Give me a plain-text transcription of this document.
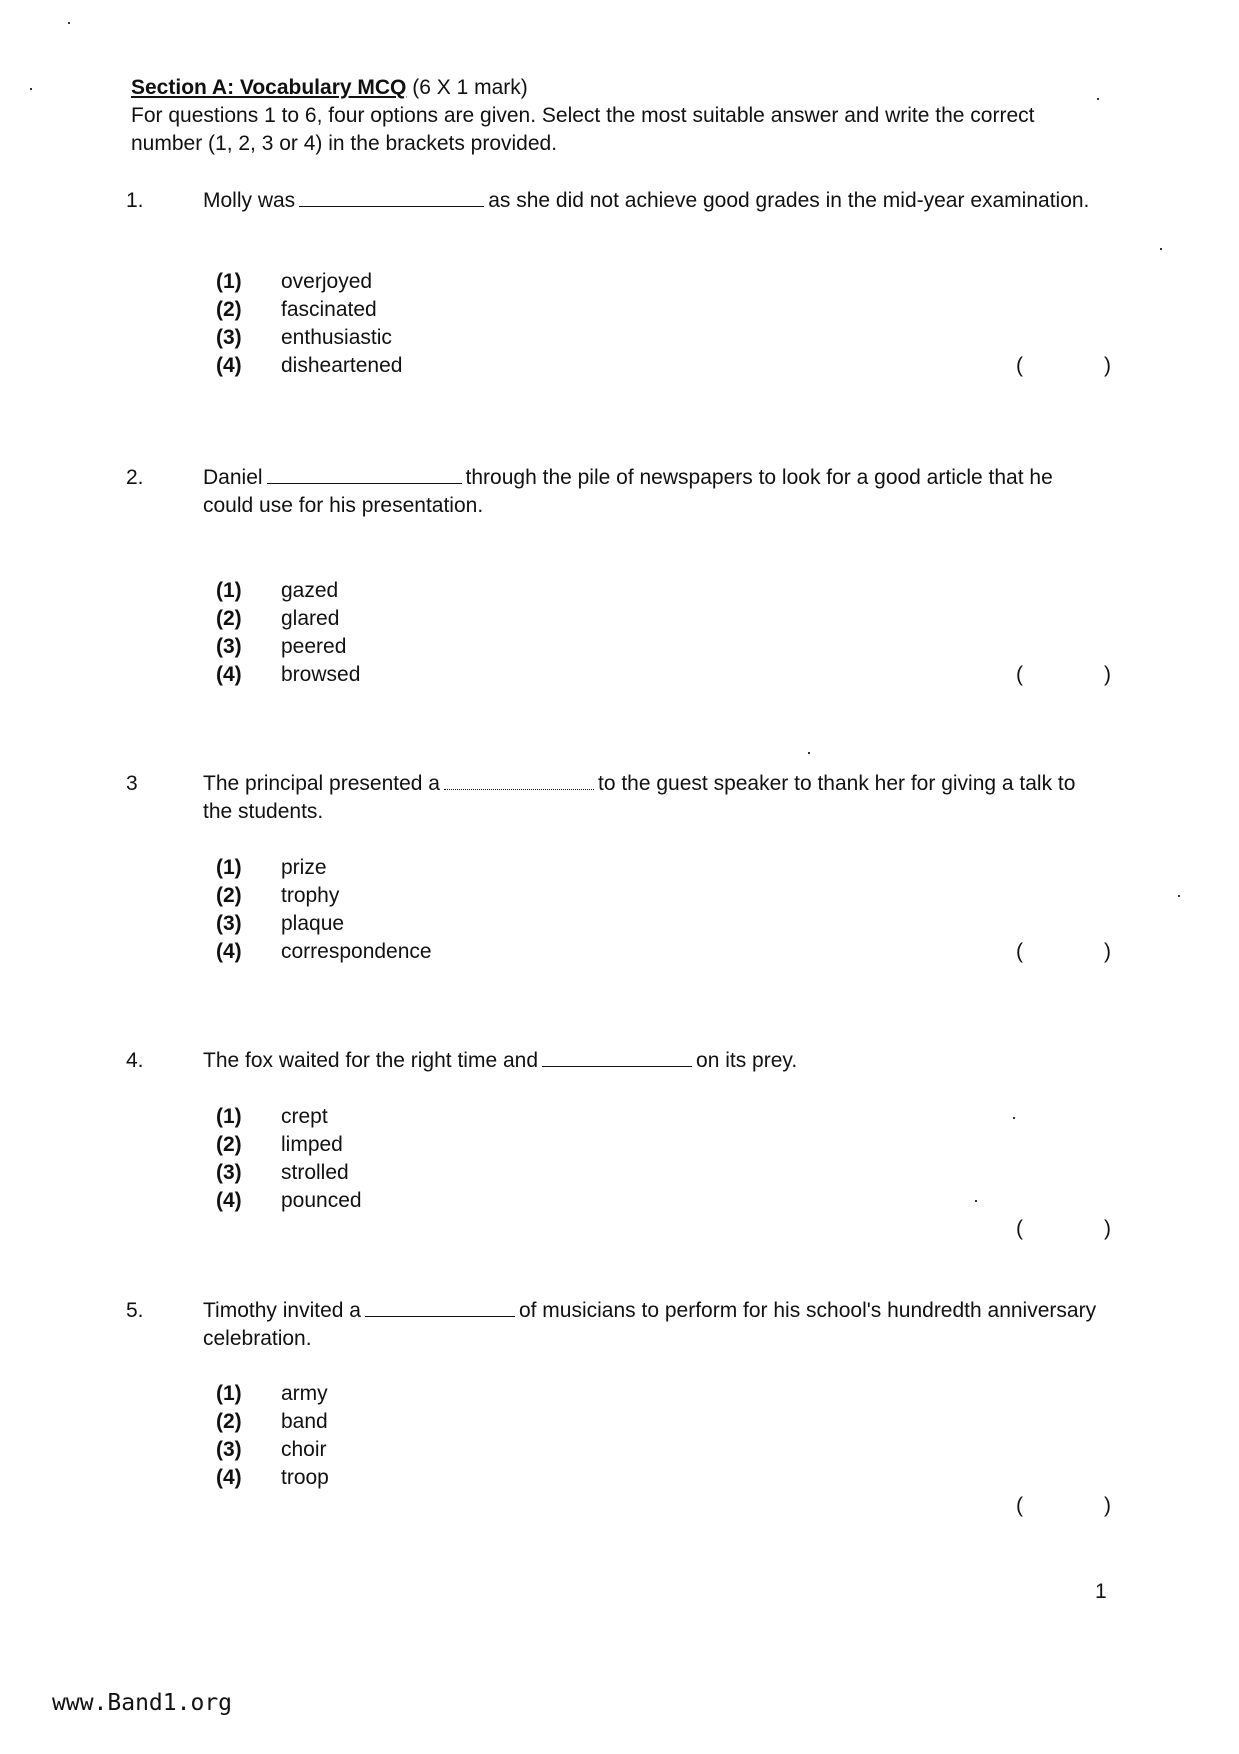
Section A: Vocabulary MCQ (6 X 1 mark)
For questions 1 to 6, four options are given. Select the most suitable answer and write the correct number (1, 2, 3 or 4) in the brackets provided.
1.	Molly was	as she did not achieve good grades in the mid-year examination.
(1) overjoyed
(2) fascinated
(3) enthusiastic
(4) disheartened	(	)
2.	Daniel	through the pile of newspapers to look for a good article that he could use for his presentation.
(1) gazed
(2) glared
(3) peered
(4) browsed	(	)
3	The principal presented a	to the guest speaker to thank her for giving a talk to the students.
(1) prize
(2) trophy
(3) plaque
(4) correspondence	(	)
4.	The fox waited for the right time and	on its prey.
(1) crept
(2) limped
(3) strolled
(4) pounced
(	)
5.	Timothy invited a	of musicians to perform for his school's hundredth anniversary celebration.
(1) army
(2) band
(3) choir
(4) troop
(	)
1
www.Band1.org
